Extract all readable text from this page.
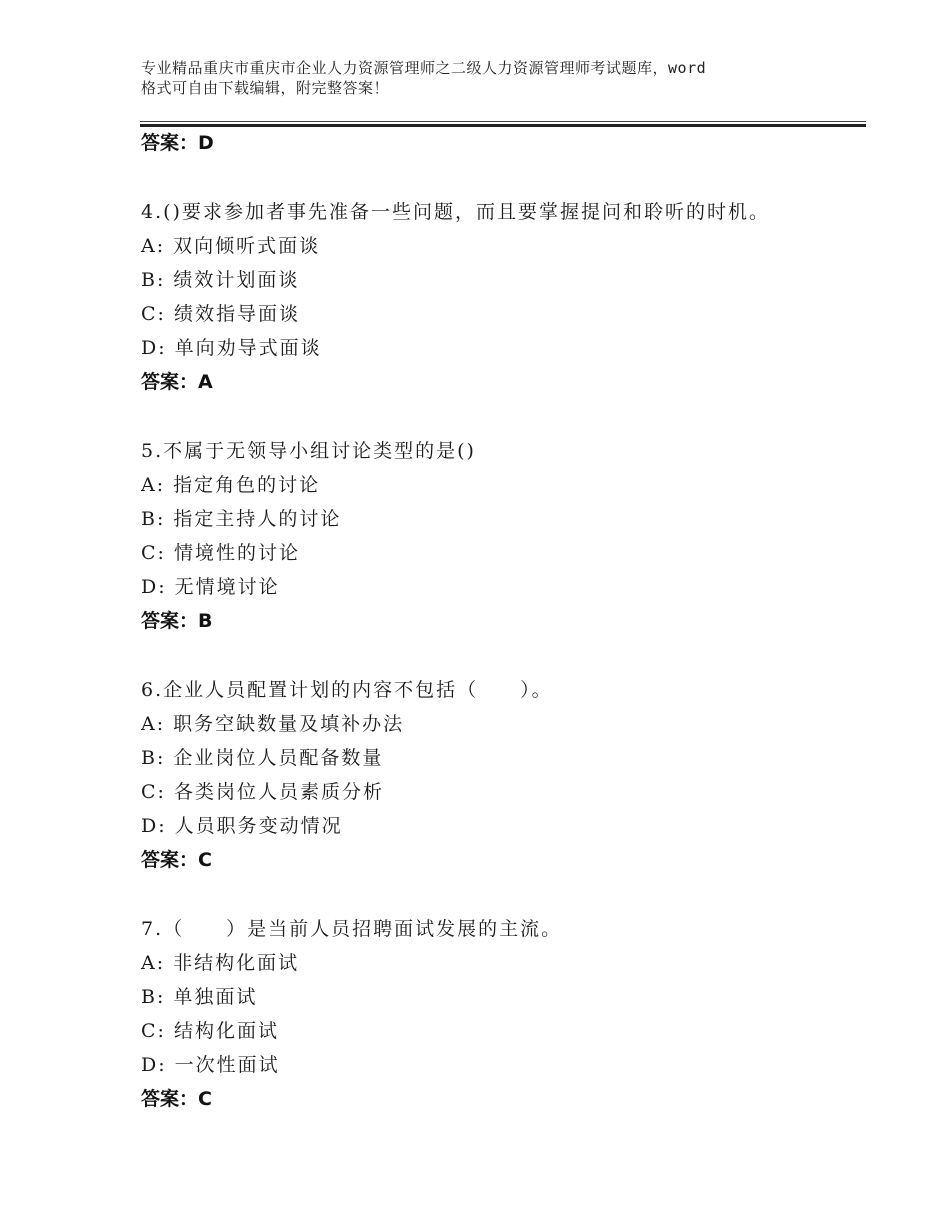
专业精品重庆市重庆市企业人力资源管理师之二级人力资源管理师考试题库，word
格式可自由下载编辑，附完整答案！
答案：D
4.()要求参加者事先准备一些问题，而且要掌握提问和聆听的时机。
A: 双向倾听式面谈
B: 绩效计划面谈
C: 绩效指导面谈
D: 单向劝导式面谈
答案：A
5.不属于无领导小组讨论类型的是()
A: 指定角色的讨论
B: 指定主持人的讨论
C: 情境性的讨论
D: 无情境讨论
答案：B
6.企业人员配置计划的内容不包括（　　）。
A: 职务空缺数量及填补办法
B: 企业岗位人员配备数量
C: 各类岗位人员素质分析
D: 人员职务变动情况
答案：C
7.（　　）是当前人员招聘面试发展的主流。
A: 非结构化面试
B: 单独面试
C: 结构化面试
D: 一次性面试
答案：C
